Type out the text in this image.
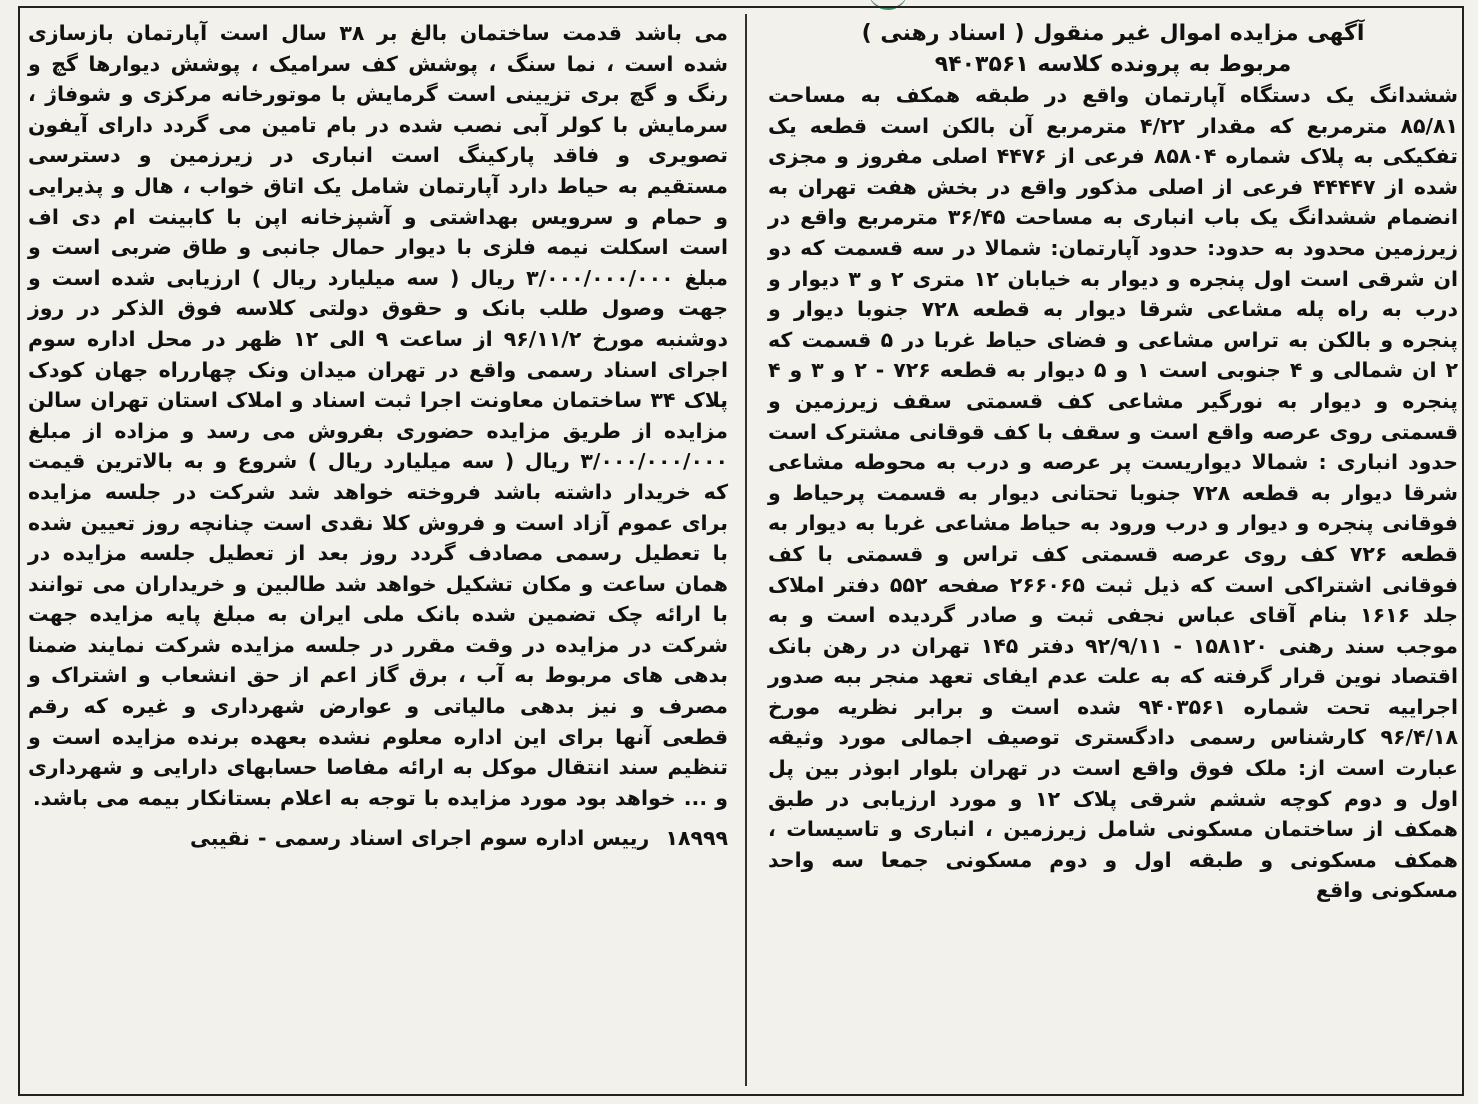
آگهی مزایده اموال غیر منقول ( اسناد رهنی )
مربوط به پرونده کلاسه ۹۴۰۳۵۶۱

ششدانگ یک دستگاه آپارتمان واقع در طبقه همکف به مساحت ۸۵/۸۱ مترمربع که مقدار ۴/۲۲ مترمربع آن بالکن است قطعه یک تفکیکی به پلاک شماره ۸۵۸۰۴ فرعی از ۴۴۷۶ اصلی مفروز و مجزی شده از ۴۴۴۴۷ فرعی از اصلی مذکور واقع در بخش هفت تهران به انضمام ششدانگ یک باب انباری به مساحت ۳۶/۴۵ مترمربع واقع در زیرزمین محدود به حدود: حدود آپارتمان: شمالا در سه قسمت که دو ان شرقی است اول پنجره و دیوار به خیابان ۱۲ متری ۲ و ۳ دیوار و درب به راه پله مشاعی شرقا دیوار به قطعه ۷۲۸ جنوبا دیوار و پنجره و بالکن به تراس مشاعی و فضای حیاط غربا در ۵ قسمت که ۲ ان شمالی و ۴ جنوبی است ۱ و ۵ دیوار به قطعه ۷۲۶ - ۲ و ۳ و ۴ پنجره و دیوار به نورگیر مشاعی کف قسمتی سقف زیرزمین و قسمتی روی عرصه واقع است و سقف با کف قوقانی مشترک است حدود انباری : شمالا دیواریست پر عرصه و درب به محوطه مشاعی شرقا دیوار به قطعه ۷۲۸ جنوبا تحتانی دیوار به قسمت پرحیاط و فوقانی پنجره و دیوار و درب ورود به حیاط مشاعی غربا به دیوار به قطعه ۷۲۶ کف روی عرصه قسمتی کف تراس و قسمتی با کف فوقانی اشتراکی است که ذیل ثبت ۲۶۶۰۶۵ صفحه ۵۵۲ دفتر املاک جلد ۱۶۱۶ بنام آقای عباس نجفی ثبت و صادر گردیده است و به موجب سند رهنی ۱۵۸۱۲۰ - ۹۲/۹/۱۱ دفتر ۱۴۵ تهران در رهن بانک اقتصاد نوین قرار گرفته که به علت عدم ایفای تعهد منجر ببه صدور اجراییه تحت شماره ۹۴۰۳۵۶۱ شده است و برابر نظریه مورخ ۹۶/۴/۱۸ کارشناس رسمی دادگستری توصیف اجمالی مورد وثیقه عبارت است از: ملک فوق واقع است در تهران بلوار ابوذر بین پل اول و دوم کوچه ششم شرقی پلاک ۱۲ و مورد ارزیابی در طبق همکف از ساختمان مسکونی شامل زیرزمین ، انباری و تاسیسات ، همکف مسکونی و طبقه اول و دوم مسکونی جمعا سه واحد مسکونی واقع

می باشد قدمت ساختمان بالغ بر ۳۸ سال است آپارتمان بازسازی شده است ، نما سنگ ، پوشش کف سرامیک ، پوشش دیوارها گچ و رنگ و گچ بری تزیینی است گرمایش با موتورخانه مرکزی و شوفاژ ، سرمایش با کولر آبی نصب شده در بام تامین می گردد دارای آیفون تصویری و فاقد پارکینگ است انباری در زیرزمین و دسترسی مستقیم به حیاط دارد آپارتمان شامل یک اتاق خواب ، هال و پذیرایی و حمام و سرویس بهداشتی و آشپزخانه اپن با کابینت ام دی اف است اسکلت نیمه فلزی با دیوار حمال جانبی و طاق ضربی است و مبلغ ۳/۰۰۰/۰۰۰/۰۰۰ ریال ( سه میلیارد ریال ) ارزیابی شده است و جهت وصول طلب بانک و حقوق دولتی کلاسه فوق الذکر در روز دوشنبه مورخ ۹۶/۱۱/۲ از ساعت ۹ الی ۱۲ ظهر در محل اداره سوم اجرای اسناد رسمی واقع در تهران میدان ونک چهارراه جهان کودک پلاک ۳۴ ساختمان معاونت اجرا ثبت اسناد و املاک استان تهران سالن مزایده از طریق مزایده حضوری بفروش می رسد و مزاده از مبلغ ۳/۰۰۰/۰۰۰/۰۰۰ ریال ( سه میلیارد ریال ) شروع و به بالاترین قیمت که خریدار داشته باشد فروخته خواهد شد شرکت در جلسه مزایده برای عموم آزاد است و فروش کلا نقدی است چنانچه روز تعیین شده با تعطیل رسمی مصادف گردد روز بعد از تعطیل جلسه مزایده در همان ساعت و مکان تشکیل خواهد شد طالبین و خریداران می توانند با ارائه چک تضمین شده بانک ملی ایران به مبلغ پایه مزایده جهت شرکت در مزایده در وقت مقرر در جلسه مزایده شرکت نمایند ضمنا بدهی های مربوط به آب ، برق گاز اعم از حق انشعاب و اشتراک و مصرف و نیز بدهی مالیاتی و عوارض شهرداری و غیره که رقم قطعی آنها برای این اداره معلوم نشده بعهده برنده مزایده است و تنظیم سند انتقال موکل به ارائه مفاصا حسابهای دارایی و شهرداری و ... خواهد بود مورد مزایده با توجه به اعلام بستانکار بیمه می باشد.

۱۸۹۹۹ رییس اداره سوم اجرای اسناد رسمی - نقیبی
